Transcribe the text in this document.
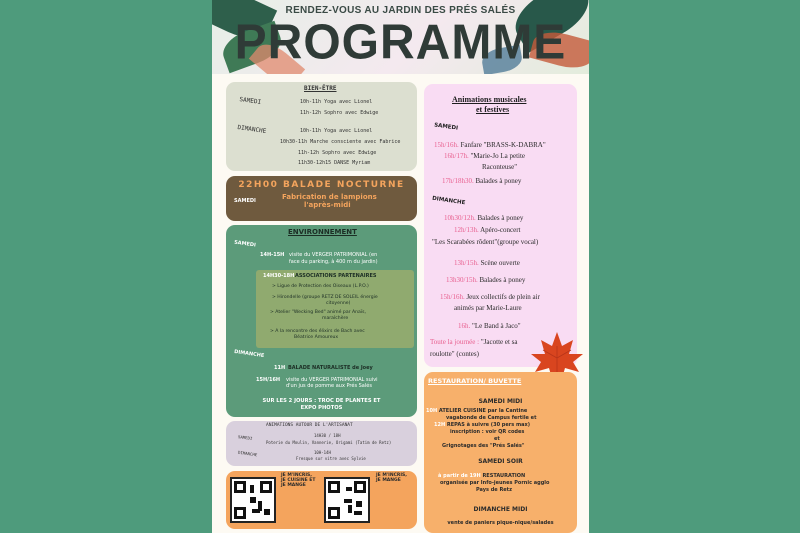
RENDEZ-VOUS AU JARDIN DES PRÉS SALÉS
PROGRAMME
BIEN-ÊTRE
SAMEDI	10h-11h Yoga avec Lionel
11h-12h Sophro avec Edwige
DIMANCHE	10h-11h Yoga avec Lionel
10h30-11h Marche consciente avec Fabrice
11h-12h Sophro avec Edwige
11h30-12h15 DANSE Myriam
22H00 BALADE NOCTURNE
SAMEDI	Fabrication de lampions
l'après-midi
ENVIRONNEMENT
SAMEDI
14H-15H visite du VERGER PATRIMONIAL (en
face du parking, à 400 m du jardin)
14H30-18H ASSOCIATIONS PARTENAIRES
> Ligue de Protection des Oiseaux (L.P.O.)
> Hirondelle (groupe RETZ DE SOLEIL énergie
citoyenne)
> Atelier "Wecking Bed" animé par Anaïs,
maraîchère
> A la rencontre des élixirs de Bach avec
Béatrice Amoureux
DIMANCHE
11H BALADE NATURALISTE de Joey
15H/16H visite du VERGER PATRIMONIAL suivi
d'un jus de pomme aux Prés Salés
SUR LES 2 JOURS : TROC DE PLANTES ET
EXPO PHOTOS
ANIMATIONS AUTOUR DE L'ARTISANAT
SAMEDI	14H30 / 18H
Poterie du Moulin, Vannerie, Origami (Tatim de Retz)
DIMANCHE	10H-14H
Fresque sur vitre avec Sylvie
JE M'INCRIS,
JE CUISINE ET
JE MANGE
JE M'INCRIS,
JE MANGE
Animations musicales
et festives
SAMEDI
15h/16h. Fanfare "BRASS-K-DABRA"
16h/17h. "Marie-Jo La petite
Raconteuse"
17h/18h30. Balades à poney
DIMANCHE
10h30/12h. Balades à poney
12h/13h. Apéro-concert
"Les Scarabées rôdent"(groupe vocal)
13h/15h. Scène ouverte
13h30/15h. Balades à poney
15h/16h. Jeux collectifs de plein air
animés par Marie-Laure
16h. "Le Band à Jaco"
Toute la journée : "Jacotte et sa
roulotte" (contes)
RESTAURATION/ BUVETTE
SAMEDI MIDI
10H ATELIER CUISINE par la Cantine
vagabonde de Campus fertile et
12H REPAS à suivre (30 pers max)
inscription : voir QR codes
et
Grignotages des "Prés Salés"
SAMEDI SOIR
à partir de 19H RESTAURATION
organisée par Info-jeunes Pornic agglo
Pays de Retz
DIMANCHE MIDI
vente de paniers pique-nique/salades
